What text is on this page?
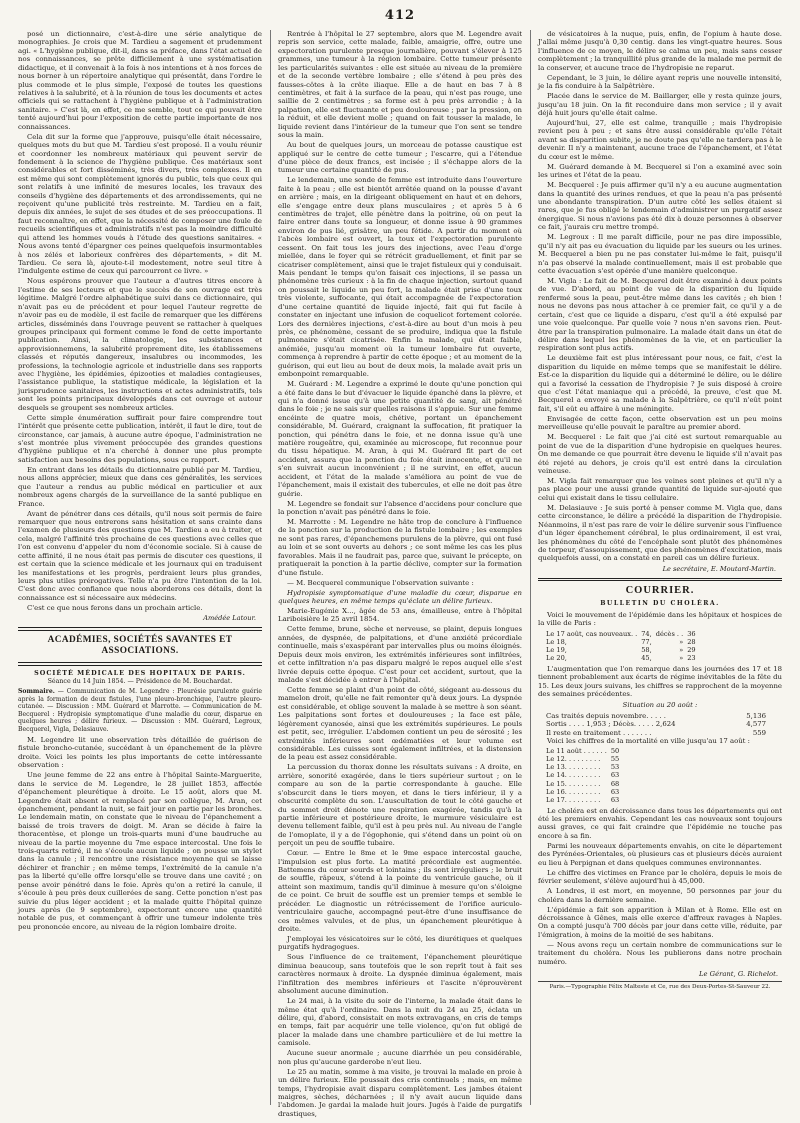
412

posé un dictionnaire, c'est-à-dire une série analytique de monographies. Je crois que M. Tardieu a sagement et prudemment agi. « L'hygiène publique, dit-il, dans sa préface, dans l'état actuel de nos connaissances, se prête difficilement à une systématisation didactique, et il convenait à la fois à nos intentions et à nos forces de nous borner à un répertoire analytique qui présentât, dans l'ordre le plus commode et le plus simple, l'exposé de toutes les questions relatives à la salubrité, et à la réunion de tous les documents et actes officiels qui se rattachent à l'hygiène publique et à l'administration sanitaire. » C'est là, en effet, ce me semble, tout ce qui pouvait être tenté aujourd'hui pour l'exposition de cette partie importante de nos connaissances.

Cela dit sur la forme que j'approuve, puisqu'elle était nécessaire, quelques mots du but que M. Tardieu s'est proposé. Il a voulu réunir et coordonner les nombreux matériaux qui peuvent servir de fondement à la science de l'hygiène publique. Ces matériaux sont considérables et fort disséminés, très divers, très complexes. Il en est même qui sont complètement ignorés du public, tels que ceux qui sont relatifs à une infinité de mesures locales, les travaux des conseils d'hygiène des départements et des arrondissements, qui ne reçoivent qu'une publicité très restreinte. M. Tardieu en a fait, depuis dix années, le sujet de ses études et de ses préoccupations. Il faut reconnaître, en effet, que la nécessité de composer une foule de recueils scientifiques et administratifs n'est pas la moindre difficulté qui attend les hommes voués à l'étude des questions sanitaires. « Nous avons tenté d'épargner ces peines quelquefois insurmontables à nos zélés et laborieux confrères des départements, » dit M. Tardieu. Ce sera là, ajoute-t-il modestement, notre seul titre à l'indulgente estime de ceux qui parcourront ce livre. »

Nous espérons prouver que l'auteur a d'autres titres encore à l'estime de ses lecteurs et que le succès de son ouvrage est très légitime. Malgré l'ordre alphabétique suivi dans ce dictionnaire, qui n'avait pas eu de précédent et pour lequel l'auteur regrette de n'avoir pas eu de modèle, il est facile de remarquer que les différens articles, disséminés dans l'ouvrage peuvent se rattacher à quelques groupes principaux qui forment comme le fond de cette importante publication. Ainsi, la climatologie, les subsistances et approvisionnemens, la salubrité proprement dite, les établissemens classés et réputés dangereux, insalubres ou incommodes, les professions, la technologie agricole et industrielle dans ses rapports avec l'hygiène, les épidémies, épizooties et maladies contagieuses, l'assistance publique, la statistique médicale, la législation et la jurisprudence sanitaires, les instructions et actes administratifs, tels sont les points principaux développés dans cet ouvrage et autour desquels se groupent ses nombreux articles.

Cette simple énumération suffirait pour faire comprendre tout l'intérêt que présente cette publication, intérêt, il faut le dire, tout de circonstance, car jamais, à aucune autre époque, l'administration ne s'est montrée plus vivement préoccupée des grandes questions d'hygiène publique et n'a cherché à donner une plus prompte satisfaction aux besoins des populations, sous ce rapport.

En entrant dans les détails du dictionnaire publié par M. Tardieu, nous allons apprécier, mieux que dans ces généralités, les services que l'auteur a rendus au public médical en particulier et aux nombreux agens chargés de la surveillance de la santé publique en France.

Avant de pénétrer dans ces détails, qu'il nous soit permis de faire remarquer que nous entrerons sans hésitation et sans crainte dans l'examen de plusieurs des questions que M. Tardieu a eu à traiter, et cela, malgré l'affinité très prochaine de ces questions avec celles que l'on est convenu d'appeler du nom d'économie sociale. Si à cause de cette affinité, il ne nous était pas permis de discuter ces questions, il est certain que la science médicale et les journaux qui en traduisent les manifestations et les progrès, perdraient leurs plus grandes, leurs plus utiles prérogatives. Telle n'a pu être l'intention de la loi. C'est donc avec confiance que nous aborderons ces détails, dont la connaissance est si nécessaire aux médecins.

C'est ce que nous ferons dans un prochain article.

Amédée Latour.

ACADÉMIES, SOCIÉTÉS SAVANTES ET ASSOCIATIONS.
SOCIÉTÉ MÉDICALE DES HOPITAUX DE PARIS.
Séance du 14 Juin 1854. — Présidence de M. Bouchardat.

Sommaire. — Communication de M. Legendre : Pleurésie purulente guérie après la formation de deux fistules, l'une pleuro-bronchique, l'autre pleuro-cutanée. — Discussion : MM. Guérard et Marrotte. — Communication de M. Becquerel : Hydropisie symptomatique d'une maladie du cœur, disparue en quelques heures ; délire furieux. — Discussion : MM. Guérard, Legroux, Becquerel, Vigla, Delasiauve.

M. Legendre lit une observation très détaillée de guérison de fistule broncho-cutanée, succédant à un épanchement de la plèvre droite. Voici les points les plus importants de cette intéressante observation :

Une jeune femme de 22 ans entre à l'hôpital Sainte-Marguerite, dans le service de M. Legendre, le 28 juillet 1853, affectée d'épanchement pleurétique à droite. Le 15 août, alors que M. Legendre était absent et remplacé par son collègue, M. Aran, cet épanchement, pendant la nuit, se fait jour en partie par les bronches. Le lendemain matin, on constate que le niveau de l'épanchement a baissé de trois travers de doigt. M. Aran se décide à faire la thoracentèse, et plonge un trois-quarts muni d'une baudruche au niveau de la partie moyenne du 7me espace intercostal. Une fois le trois-quarts retiré, il ne s'écoule aucun liquide ; on pousse un stylet dans la canule ; il rencontre une résistance moyenne qui se laisse déchirer et franchir ; en même temps, l'extrémité de la canule n'a pas la liberté qu'elle offre lorsqu'elle se trouve dans une cavité ; on pense avoir pénétré dans le foie. Après qu'on a retiré la canule, il s'écoule à peu près deux cuillerées de sang. Cette ponction n'est pas suivie du plus léger accident ; et la malade quitte l'hôpital quinze jours après (le 9 septembre), expectorant encore une quantité notable de pus, et commençant à offrir une tumeur indolente très peu prononcée encore, au niveau de la région lombaire droite.

Rentrée à l'hôpital le 27 septembre, alors que M. Legendre avait repris son service, cette malade, faible, amaigrie, offre, outre une expectoration purulente presque journalière, pouvant s'élever à 125 grammes, une tumeur à la région lombaire. Cette tumeur présente les particularités suivantes : elle est située au niveau de la première et de la seconde vertèbre lombaire ; elle s'étend à peu près des fausses-côtes à la crête iliaque. Elle a de haut en bas 7 à 8 centimètres, et fait à la surface de la peau, qui n'est pas rouge, une saillie de 2 centimètres ; sa forme est à peu près arrondie ; à la palpation, elle est fluctuante et peu douloureuse ; par la pression, on la réduit, et elle devient molle ; quand on fait tousser la malade, le liquide revient dans l'intérieur de la tumeur que l'on sent se tendre sous la main.

Au bout de quelques jours, un morceau de potasse caustique est appliqué sur le centre de cette tumeur ; l'escarre, qui a l'étendue d'une pièce de deux francs, est incisée ; il s'échappe alors de la tumeur une certaine quantité de pus.

Le lendemain, une sonde de femme est introduite dans l'ouverture faite à la peau ; elle est bientôt arrêtée quand on la pousse d'avant en arrière ; mais, en la dirigeant obliquement en haut et en dehors, elle s'engage entre deux plans musculaires ; et après 5 à 6 centimètres de trajet, elle pénètre dans la poitrine, où on peut la faire entrer dans toute sa longueur, et donne issue à 90 grammes environ de pus lié, grisâtre, un peu fétide. A partir du moment où l'abcès lombaire est ouvert, la toux et l'expectoration purulente cessent. On fait tous les jours des injections, avec l'eau d'orge miellée, dans le foyer qui se rétrécit graduellement, et finit par se cicatriser complètement, ainsi que le trajet fistuleux qui y conduisait. Mais pendant le temps qu'on faisait ces injections, il se passa un phénomène très curieux : à la fin de chaque injection, surtout quand on poussait le liquide un peu fort, la malade était prise d'une toux très violente, suffocante, qui était accompagnée de l'expectoration d'une certaine quantité de liquide injecté, fait qui fut facile à constater en injectant une infusion de coquelicot fortement colorée. Lors des dernières injections, c'est-à-dire au bout d'un mois à peu près, ce phénomène, cessant de se produire, indiqua que la fistule pulmonaire s'était cicatrisée. Enfin la malade, qui était faible, anémiée, jusqu'au moment où la tumeur lombaire fut ouverte, commença à reprendre à partir de cette époque ; et au moment de la guérison, qui eut lieu au bout de deux mois, la malade avait pris un embonpoint remarquable.

M. Guérard : M. Legendre a exprimé le doute qu'une ponction qui a été faite dans le but d'évacuer le liquide épanché dans la plèvre, et qui n'a donné issue qu'à une petite quantité de sang, ait pénétré dans le foie ; je ne sais sur quelles raisons il s'appuie. Sur une femme encéinte de quatre mois, chétive, portant un épanchement considérable, M. Guérard, craignant la suffocation, fit pratiquer la ponction, qui pénétra dans le foie, et ne donna issue qu'à une matière rougeâtre, qui, examinée au microscope, fut reconnue pour du tissu hépatique. M. Aran, à qui M. Guérard fit part de cet accident, assura que la ponction du foie était innocente, et qu'il ne s'en suivrait aucun inconvénient ; il ne survint, en effet, aucun accident, et l'état de la malade s'améliora au point de vue de l'épanchement, mais il existait des tubercules, et elle ne doit pas être guérie.

M. Legendre se fondait sur l'absence d'accidens pour conclure que la ponction n'avait pas pénétré dans le foie.

M. Marrotte : M. Legendre ne hâte trop de conclure à l'influence de la ponction sur la production de la fistule lombaire ; les exemples ne sont pas rares, d'épanchemens purulens de la plèvre, qui ont fusé au loin et se sont ouverts au dehors ; ce sont même les cas les plus favorables. Mais il ne faudrait pas, parce que, suivant le précepte, on pratiquerait la ponction à la partie déclive, compter sur la formation d'une fistule.

— M. Becquerel communique l'observation suivante :

Hydropisie symptomatique d'une maladie du cœur, disparue en quelques heures, en même temps qu'éclate un délire furieux.

Marie-Eugénie X..., âgée de 53 ans, émailleuse, entre à l'hôpital Lariboisière le 25 avril 1854.

Cette femme, brune, sèche et nerveuse, se plaint, depuis longues années, de dyspnée, de palpitations, et d'une anxiété précordiale continuelle, mais s'exaspérant par intervalles plus ou moins éloignés. Depuis deux mois environ, les extrémités inférieures sont infiltrées, et cette infiltration n'a pas disparu malgré le repos auquel elle s'est livrée depuis cette époque. C'est pour cet accident, surtout, que la malade s'est décidée à entrer à l'hôpital.

Cette femme se plaint d'un point de côté, siégeant au-dessous du mamelon droit, qu'elle ne fait remonter qu'à deux jours. La dyspnée est considérable, et oblige souvent la malade à se mettre à son séant. Les palpitations sont fortes et douloureuses ; la face est pâle, légèrement cyanosée, ainsi que les extrémités supérieures. Le pouls est petit, sec, irrégulier. L'abdomen contient un peu de sérosité ; les extrémités inférieures sont œdématiées et leur volume est considérable. Les cuisses sont également infiltrées, et la distension de la peau est assez considérable.

La percussion du thorax donne les résultats suivans : A droite, en arrière, sonorité exagérée, dans le tiers supérieur surtout ; on le compare au son de la partie correspondante à gauche. Elle s'obscurcit dans le tiers moyen, et dans le tiers inférieur, il y a obscurité complète du son. L'auscultation de tout le côté gauche et du sommet droit dénote une respiration exagérée, tandis qu'à la partie inférieure et postérieure droite, le murmure vésiculaire est devenu tellement faible, qu'il est à peu près nul. Au niveau de l'angle de l'omoplate, il y a de l'égophonie, qui s'étend dans un point où on perçoit un peu de souffle tubaire.

Cœur. — Entre le 8me et le 9me espace intercostal gauche, l'impulsion est plus forte. La matité précordiale est augmentée. Battemens du cœur sourds et lointains ; ils sont irréguliers ; le bruit de souffle, râpeux, s'étend à la pointe du ventricule gauche, où il atteint son maximum, tandis qu'il diminue à mesure qu'on s'éloigne de ce point. Ce bruit de souffle est un premier temps et semble le précéder. Le diagnostic un rétrécissement de l'orifice auriculo-ventriculaire gauche, accompagné peut-être d'une insuffisance de ces mêmes valvules, et de plus, un épanchement pleurétique à droite.

J'employai les vésicatoires sur le côté, les diurétiques et quelques purgatifs hydragogues.

Sous l'influence de ce traitement, l'épanchement pleurétique diminua beaucoup, sans toutefois que le son reprît tout à fait ses caractères normaux à droite. La dyspnée diminua également, mais l'infiltration des membres inférieurs et l'ascite n'éprouvèrent absolument aucune diminution.

Le 24 mai, à la visite du soir de l'interne, la malade était dans le même état qu'à l'ordinaire. Dans la nuit du 24 au 25, éclata un délire, qui, d'abord, consistait en mots extravagans, en cris de temps en temps, fait par acquérir une telle violence, qu'on fut obligé de placer la malade dans une chambre particulière et de lui mettre la camisole.

Aucune sueur anormale ; aucune diarrhée un peu considérable, non plus qu'aucune garderobe n'eut lieu.

Le 25 au matin, somme à ma visite, je trouvai la malade en proie à un délire furieux. Elle poussait des cris continuels ; mais, en même temps, l'hydropisie avait disparu complètement. Les jambes étaient maigres, sèches, décharnées ; il n'y avait aucun liquide dans l'abdomen. Je gardai la malade huit jours. Jugés à l'aide de purgatifs drastiques,

de vésicatoires à la nuque, puis, enfin, de l'opium à haute dose. J'allai même jusqu'à 0,30 centig. dans les vingt-quatre heures. Sous l'influence de ce moyen, le délire se calma un peu, mais sans cesser complètement ; la tranquillité plus grande de la malade me permit de la conserver, et aucune trace de l'hydropisie ne reparut.

Cependant, le 3 juin, le délire ayant repris une nouvelle intensité, je la fis conduire à la Salpêtrière.

Placée dans le service de M. Baillarger, elle y resta quinze jours, jusqu'au 18 juin. On la fit reconduire dans mon service ; il y avait déjà huit jours qu'elle était calme.

Aujourd'hui, 27, elle est calme, tranquille ; mais l'hydropisie revient peu à peu ; et sans être aussi considérable qu'elle l'était avant sa disparition subite, je ne doute pas qu'elle ne tardera pas à le devenir. Il n'y a maintenant, aucune trace de l'épanchement, et l'état du cœur est le même.

M. Guérard demande à M. Becquerel si l'on a examiné avec soin les urines et l'état de la peau.

M. Becquerel : Je puis affirmer qu'il n'y a eu aucune augmentation dans la quantité des urines rendues, et que la peau n'a pas présenté une abondante transpiration. D'un autre côté les selles étaient si rares, que je fus obligé le lendemain d'administrer un purgatif assez énergique. Si nous n'avions pas été dix à douze personnes à observer ce fait, j'aurais cru mettre trompé.

M. Legroux : Il me paraît difficile, pour ne pas dire impossible, qu'il n'y ait pas eu évacuation du liquide par les sueurs ou les urines. M. Becquerel a bien pu ne pas constater lui-même le fait, puisqu'il n'a pas observé la malade continuellement, mais il est probable que cette évacuation s'est opérée d'une manière quelconque.

M. Vigla : Le fait de M. Becquerel doit être examiné à deux points de vue. D'abord, au point de vue de la disparition du liquide renfermé sous la peau, peut-être même dans les cavités ; eh bien ! nous ne devons pas nous attacher à ce premier fait, ce qu'il y a de certain, c'est que ce liquide a disparu, c'est qu'il a été expulsé par une voie quelconque. Par quelle voie ? nous n'en savons rien. Peut-être par la transpiration pulmonaire. La malade était dans un état de délire dans lequel les phénomènes de la vie, et en particulier la respiration sont plus actifs.

Le deuxième fait est plus intéressant pour nous, ce fait, c'est la disparition du liquide en même temps que se manifestait le délire. Est-ce la disparition du liquide qui a déterminé le délire, ou le délire qui a favorisé la cessation de l'hydropisie ? Je suis disposé à croire que c'est l'état maniaque qui a précédé, la preuve, c'est que M. Becquerel a envoyé sa malade à la Salpêtrière, ce qu'il n'eût point fait, s'il eût eu affaire à une méningite.

Envisagée de cette façon, cette observation est un peu moins merveilleuse qu'elle pouvait le paraître au premier abord.

M. Becquerel : Le fait que j'ai cité est surtout remarquable au point de vue de la disparition d'une hydropisie en quelques heures. On me demande ce que pourrait être devenu le liquide s'il n'avait pas été rejeté au dehors, je crois qu'il est entré dans la circulation veineuse.

M. Vigla fait remarquer que les veines sont pleines et qu'il n'y a pas place pour une aussi grande quantité de liquide sur-ajouté que celui qui existait dans le tissu cellulaire.

M. Delasiauve : Je suis porté à penser comme M. Vigla que, dans cette circonstance, le délire a précédé la disparition de l'hydropisie. Néanmoins, il n'est pas rare de voir le délire survenir sous l'influence d'un léger épanchement cérébral, le plus ordinairement, il est vrai, les phénomènes du côté de l'encéphale sont plutôt des phénomènes de torpeur, d'assoupissement, que des phénomènes d'excitation, mais quelquefois aussi, on a constaté en pareil cas un délire furieux.

Le secrétaire, E. Moutard-Martin.
COURRIER.
BULLETIN DU CHOLÉRA.

Voici le mouvement de l'épidémie dans les hôpitaux et hospices de la ville de Paris :

Le 17 août, cas nouveaux. .	74,	décès . .	36
Le 18,	77,	»	28
Le 19,	58,	»	29
Le 20,	45,	»	23

L'augmentation que l'on remarque dans les journées des 17 et 18 tiennent probablement aux écarts de régime inévitables de la fête du 15. Les deux jours suivans, les chiffres se rapprochent de la moyenne des semaines précédentes.

Situation au 20 août :
Cas traités depuis novembre. . . . .	5,136
Sortis . . . . 1,953 ; Décès. . . . . 2,624	4,577
Il reste en traitement . . . . . . .	559

Voici les chiffres de la mortalité en ville jusqu'au 17 août :

Le 11 août . . . . . .	50
Le 12. . . . . . . . .	55
Le 13. . . . . . . . .	53
Le 14. . . . . . . . .	63
Le 15. . . . . . . . .	68
Le 16. . . . . . . . .	63
Le 17. . . . . . . . .	63

Le choléra est en décroissance dans tous les départements qui ont été les premiers envahis. Cependant les cas nouveaux sont toujours aussi graves, ce qui fait craindre que l'épidémie ne touche pas encore à sa fin.

Parmi les nouveaux départements envahis, on cite le département des Pyrénées-Orientales, où plusieurs cas et plusieurs décès auraient eu lieu à Perpignan et dans quelques communes environnantes.

Le chiffre des victimes en France par le choléra, depuis le mois de février seulement, s'élève aujourd'hui à 45,000.

A Londres, il est mort, en moyenne, 50 personnes par jour du choléra dans la dernière semaine.

L'épidémie a fait son apparition à Milan et à Rome. Elle est en décroissance à Gênes, mais elle exerce d'affreux ravages à Naples. On a compté jusqu'à 700 décès par jour dans cette ville, réduite, par l'émigration, à moins de la moitié de ses habitans.

— Nous avons reçu un certain nombre de communications sur le traitement du choléra. Nous les publierons dans notre prochain numéro.

Le Gérant, G. Richelot.
Paris.—Typographie Félix Malteste et Ce, rue des Deux-Portes-St-Sauveur 22.
